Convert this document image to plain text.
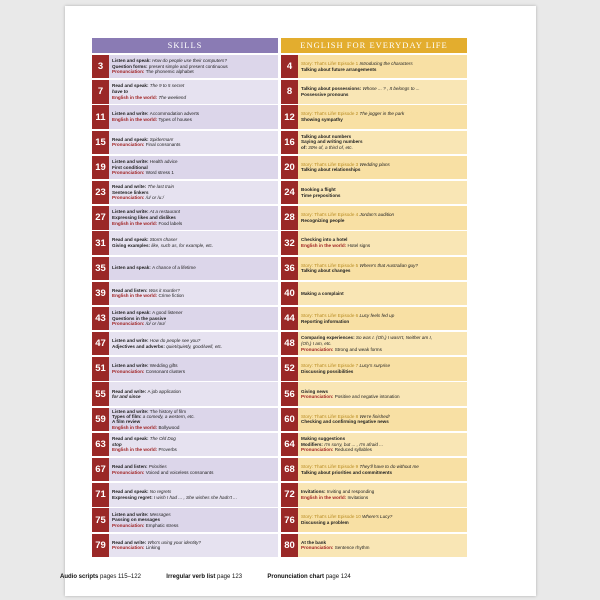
SKILLS
3
Listen and speak: How do people use their computers?
Question forms: present simple and present continuous
Pronunciation: The phonemic alphabet
7
Read and speak: The 9 to 5 secret
have to
English in the world: The weekend
11	Listen and write: Accommodation adverts
English in the world: Types of houses
15	Read and speak: Spiderman!
Pronunciation: Final consonants
19
Listen and write: Health advice
First conditional
Pronunciation: Word stress 1
23
Read and write: The last train
Sentence linkers
Pronunciation: /ʊ/ or /uː/
27
Listen and write: At a restaurant
Expressing likes and dislikes
English in the world: Food labels
31	Read and speak: Storm chaser
Giving examples: like, such as, for example, etc.
35	Listen and speak: A chance of a lifetime
39	Read and listen: Was it murder?
English in the world: Crime fiction
43
Listen and speak: A good listener
Questions in the passive
Pronunciation: /ɒ/ or /əʊ/
47	Listen and write: How do people see you?
Adjectives and adverbs: quiet/quietly, good/well, etc.
51	Listen and write: Wedding gifts
Pronunciation: Consonant clusters
55	Read and write: A job application
for and since
59
Listen and write: The history of film
Types of film: a comedy, a western, etc.
A film review
English in the world: Bollywood
63
Read and speak: The Old Dog
stop
English in the world: Proverbs
67	Read and listen: Priorities
Pronunciation: Voiced and voiceless consonants
71	Read and speak: No regrets
Expressing regret: I wish I had ... , She wishes she hadn't ...
75
Listen and write: Messages
Passing on messages
Pronunciation: Emphatic stress
79	Read and write: Who's using your identity?
Pronunciation: Linking
ENGLISH FOR EVERYDAY LIFE
4	Story: That's Life! Episode 1 Introducing the characters
Talking about future arrangements
8	Talking about possessions: Whose ... ? , It belongs to ...
Possessive pronouns
12	Story: That's Life! Episode 2 The jogger in the park
Showing sympathy
16
Talking about numbers
Saying and writing numbers
of: 30% of, a third of, etc.
20	Story: That's Life! Episode 3 Wedding plans
Talking about relationships
24	Booking a flight
Time prepositions
28	Story: That's Life! Episode 4 Jordan's audition
Recognizing people
32	Checking into a hotel
English in the world: Hotel signs
36	Story: That's Life! Episode 5 Where's that Australian guy?
Talking about changes
40	Making a complaint
44	Story: That's Life! Episode 6 Lucy feels fed up
Reporting information
48
Comparing experiences: So was I. (Oh,) I wasn't, Neither am I,
(Oh,) I am, etc.
Pronunciation: Strong and weak forms
52	Story: That's Life! Episode 7 Lucy's surprise
Discussing possibilities
56	Giving news
Pronunciation: Positive and negative intonation
60	Story: That's Life! Episode 8 We're finished!
Checking and confirming negative news
64
Making suggestions
Modifiers: I'm sorry, but ... , I'm afraid ...
Pronunciation: Reduced syllables
68	Story: That's Life! Episode 9 They'll have to do without me
Talking about priorities and commitments
72	Invitations: Inviting and responding
English in the world: Invitations
76	Story: That's Life! Episode 10 Where's Lucy?
Discussing a problem
80	At the bank
Pronunciation: Sentence rhythm
Audio scripts pages 115–122	Irregular verb list page 123	Pronunciation chart page 124
